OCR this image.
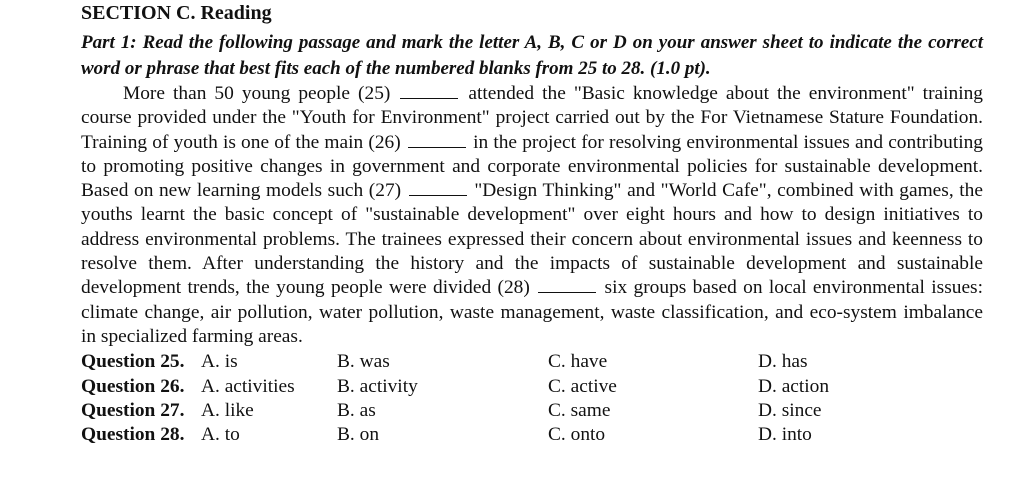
SECTION C. Reading

Part 1: Read the following passage and mark the letter A, B, C or D on your answer sheet to indicate the correct word or phrase that best fits each of the numbered blanks from 25 to 28. (1.0 pt).

More than 50 young people (25)	attended the "Basic knowledge about the environment" training course provided under the "Youth for Environment" project carried out by the For Vietnamese Stature Foundation. Training of youth is one of the main (26)	in the project for resolving environmental issues and contributing to promoting positive changes in government and corporate environmental policies for sustainable development. Based on new learning models such (27)	"Design Thinking" and "World Cafe", combined with games, the youths learnt the basic concept of "sustainable development" over eight hours and how to design initiatives to address environmental problems. The trainees expressed their concern about environmental issues and keenness to resolve them. After understanding the history and the impacts of sustainable development and sustainable development trends, the young people were divided (28)	six groups based on local environmental issues: climate change, air pollution, water pollution, waste management, waste classification, and eco-system imbalance in specialized farming areas.

Question 25. A. is	B. was	C. have	D. has
Question 26. A. activities B. activity	C. active	D. action
Question 27. A. like	B. as	C. same	D. since
Question 28. A. to	B. on	C. onto	D. into
